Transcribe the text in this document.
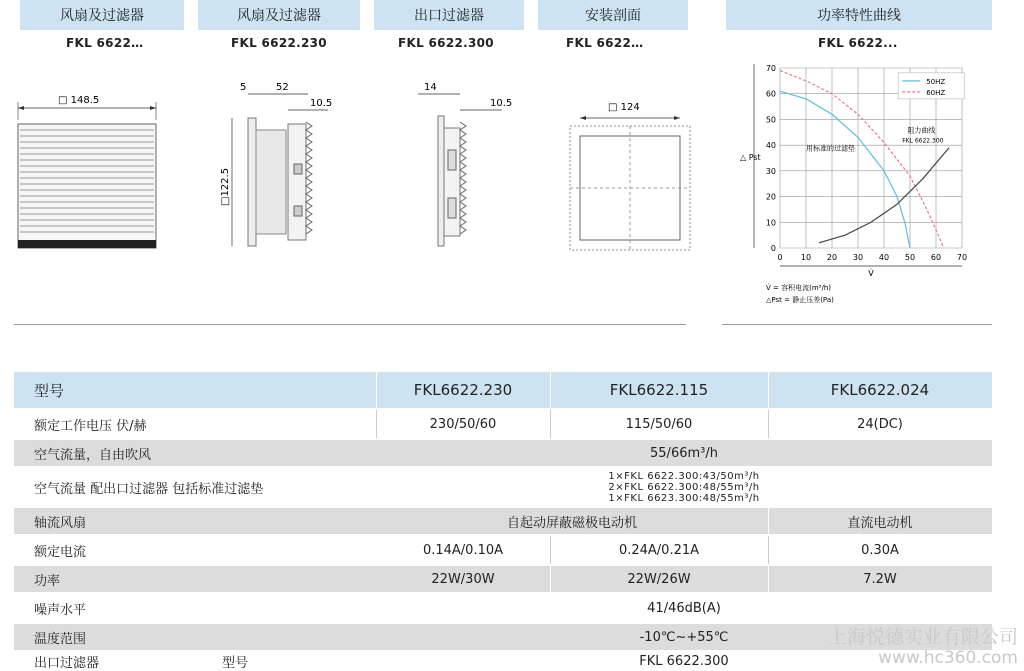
风扇及过滤器	风扇及过滤器	出口过滤器	安装剖面	功率特性曲线
FKL 6622…	FKL 6622.230	FKL 6622.300	FKL 6622…	FKL 6622...
□ 148.5
5	52
10.5
□122.5
14
10.5	□ 124
0
0
10
10
20
20
30
30
40
40
50
50
60
60
70
70
△ Pst
V̇
50HZ
60HZ
阻力曲线
FKL 6622.300
用标准的过滤垫
V̇ = 容积电流(m³/h)
△Pst = 静止压差(Pa)
型号	FKL6622.230	FKL6622.115	FKL6622.024
额定工作电压 伏/赫	230/50/60	115/50/60	24(DC)
空气流量，自由吹风	55/66m³/h
空气流量 配出口过滤器 包括标准过滤垫
1×FKL 6622.300:43/50m³/h
2×FKL 6622.300:48/55m³/h
1×FKL 6623.300:48/55m³/h
轴流风扇	自起动屏蔽磁极电动机	直流电动机
额定电流	0.14A/0.10A	0.24A/0.21A	0.30A
功率	22W/30W	22W/26W	7.2W
噪声水平	41/46dB(A)
温度范围	-10℃~+55℃
出口过滤器	型号	FKL 6622.300
上海悦德实业有限公司
www.hc360.com
